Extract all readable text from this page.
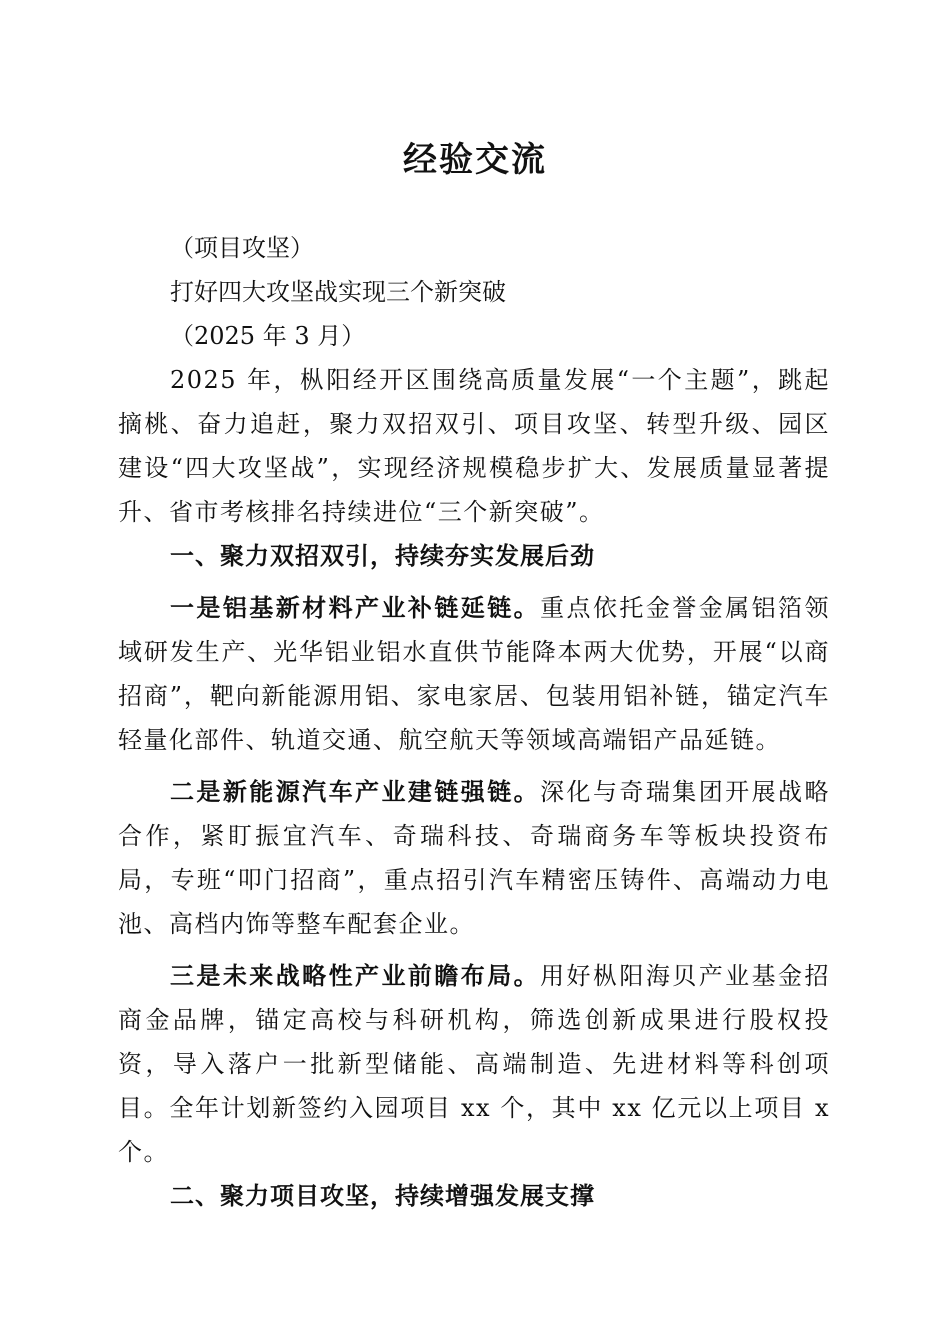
经验交流

（项目攻坚）

打好四大攻坚战实现三个新突破

（2025 年 3 月）

2025 年，枞阳经开区围绕高质量发展“一个主题”，跳起摘桃、奋力追赶，聚力双招双引、项目攻坚、转型升级、园区建设“四大攻坚战”，实现经济规模稳步扩大、发展质量显著提升、省市考核排名持续进位“三个新突破”。

一、聚力双招双引，持续夯实发展后劲

一是铝基新材料产业补链延链。重点依托金誉金属铝箔领域研发生产、光华铝业铝水直供节能降本两大优势，开展“以商招商”，靶向新能源用铝、家电家居、包装用铝补链，锚定汽车轻量化部件、轨道交通、航空航天等领域高端铝产品延链。

二是新能源汽车产业建链强链。深化与奇瑞集团开展战略合作，紧盯振宜汽车、奇瑞科技、奇瑞商务车等板块投资布局，专班“叩门招商”，重点招引汽车精密压铸件、高端动力电池、高档内饰等整车配套企业。

三是未来战略性产业前瞻布局。用好枞阳海贝产业基金招商金品牌，锚定高校与科研机构，筛选创新成果进行股权投资，导入落户一批新型储能、高端制造、先进材料等科创项目。全年计划新签约入园项目 xx 个，其中 xx 亿元以上项目 x 个。

二、聚力项目攻坚，持续增强发展支撑
